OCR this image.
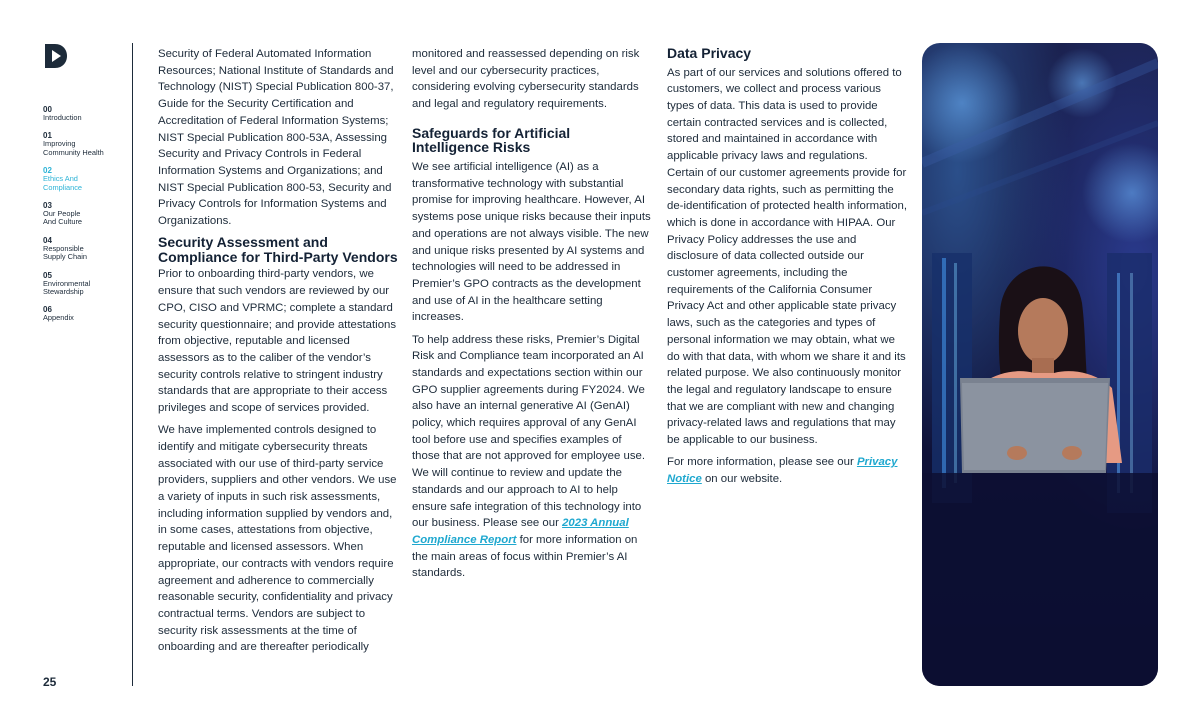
00
Introduction
01
Improving
Community Health
02
Ethics And
Compliance
03
Our People
And Culture
04
Responsible
Supply Chain
05
Environmental
Stewardship
06
Appendix
25

Security of Federal Automated Information Resources; National Institute of Standards and Technology (NIST) Special Publication 800-37, Guide for the Security Certification and Accreditation of Federal Information Systems; NIST Special Publication 800-53A, Assessing Security and Privacy Controls in Federal Information Systems and Organizations; and NIST Special Publication 800-53, Security and Privacy Controls for Information Systems and Organizations.

Security Assessment and
Compliance for Third-Party Vendors

Prior to onboarding third-party vendors, we ensure that such vendors are reviewed by our CPO, CISO and VPRMC; complete a standard security questionnaire; and provide attestations from objective, reputable and licensed assessors as to the caliber of the vendor’s security controls relative to stringent industry standards that are appropriate to their access privileges and scope of services provided.

We have implemented controls designed to identify and mitigate cybersecurity threats associated with our use of third-party service providers, suppliers and other vendors. We use a variety of inputs in such risk assessments, including information supplied by vendors and, in some cases, attestations from objective, reputable and licensed assessors. When appropriate, our contracts with vendors require agreement and adherence to commercially reasonable security, confidentiality and privacy contractual terms. Vendors are subject to security risk assessments at the time of onboarding and are thereafter periodically

monitored and reassessed depending on risk level and our cybersecurity practices, considering evolving cybersecurity standards and legal and regulatory requirements.

Safeguards for Artificial
Intelligence Risks

We see artificial intelligence (AI) as a transformative technology with substantial promise for improving healthcare. However, AI systems pose unique risks because their inputs and operations are not always visible. The new and unique risks presented by AI systems and technologies will need to be addressed in Premier’s GPO contracts as the development and use of AI in the healthcare setting increases.

To help address these risks, Premier’s Digital Risk and Compliance team incorporated an AI standards and expectations section within our GPO supplier agreements during FY2024. We also have an internal generative AI (GenAI) policy, which requires approval of any GenAI tool before use and specifies examples of those that are not approved for employee use. We will continue to review and update the standards and our approach to AI to help ensure safe integration of this technology into our business. Please see our 2023 Annual Compliance Report for more information on the main areas of focus within Premier’s AI standards.

Data Privacy

As part of our services and solutions offered to customers, we collect and process various types of data. This data is used to provide certain contracted services and is collected, stored and maintained in accordance with applicable privacy laws and regulations. Certain of our customer agreements provide for secondary data rights, such as permitting the de-identification of protected health information, which is done in accordance with HIPAA. Our Privacy Policy addresses the use and disclosure of data collected outside our customer agreements, including the requirements of the California Consumer Privacy Act and other applicable state privacy laws, such as the categories and types of personal information we may obtain, what we do with that data, with whom we share it and its related purpose. We also continuously monitor the legal and regulatory landscape to ensure that we are compliant with new and changing privacy-related laws and regulations that may be applicable to our business.

For more information, please see our Privacy Notice on our website.
